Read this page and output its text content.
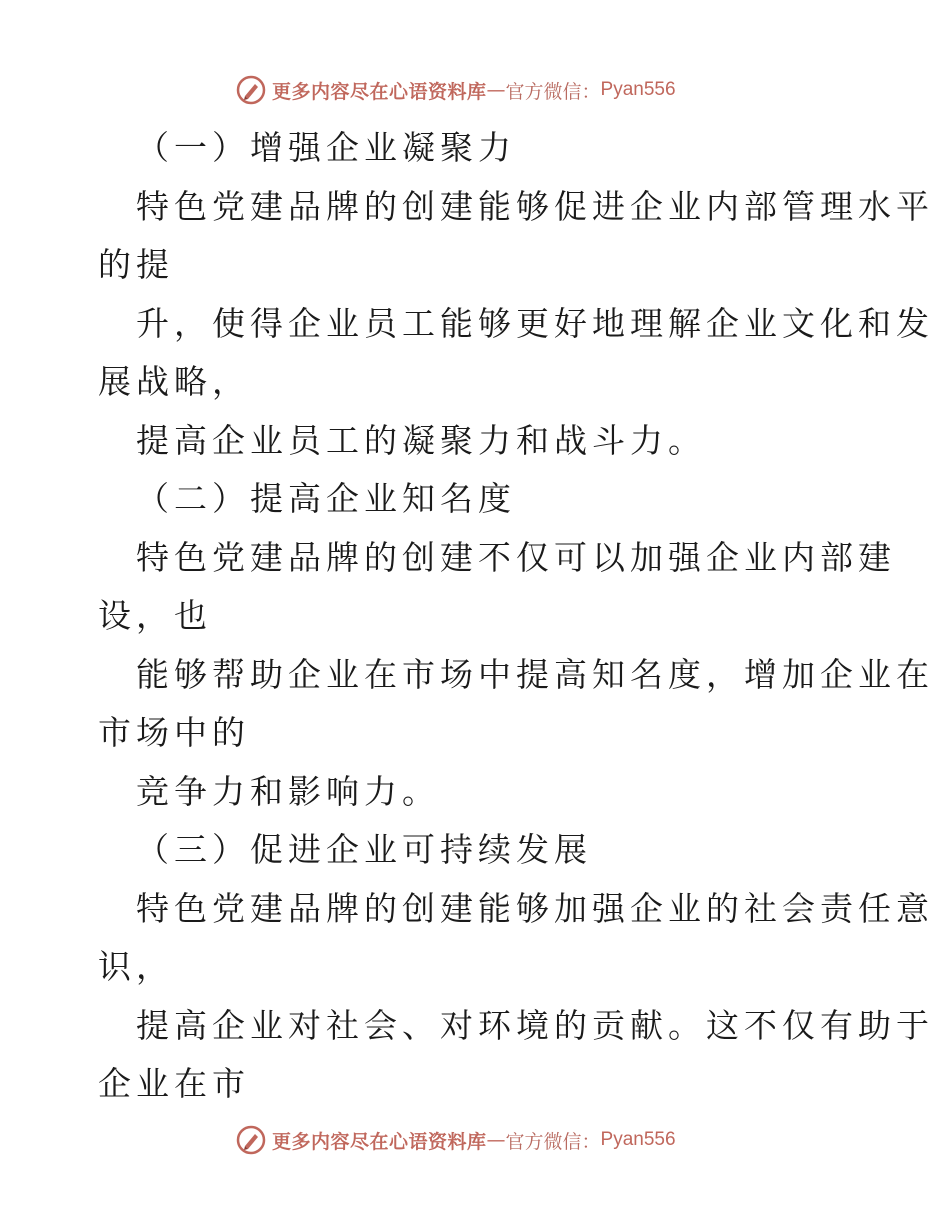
更多内容尽在心语资料库 — 官方微信： Pyan556
（一）增强企业凝聚力
特色党建品牌的创建能够促进企业内部管理水平
的提
升，使得企业员工能够更好地理解企业文化和发
展战略，
提高企业员工的凝聚力和战斗力。
（二）提高企业知名度
特色党建品牌的创建不仅可以加强企业内部建
设，也
能够帮助企业在市场中提高知名度，增加企业在
市场中的
竞争力和影响力。
（三）促进企业可持续发展
特色党建品牌的创建能够加强企业的社会责任意
识，
提高企业对社会、对环境的贡献。这不仅有助于
企业在市
更多内容尽在心语资料库 — 官方微信： Pyan556
